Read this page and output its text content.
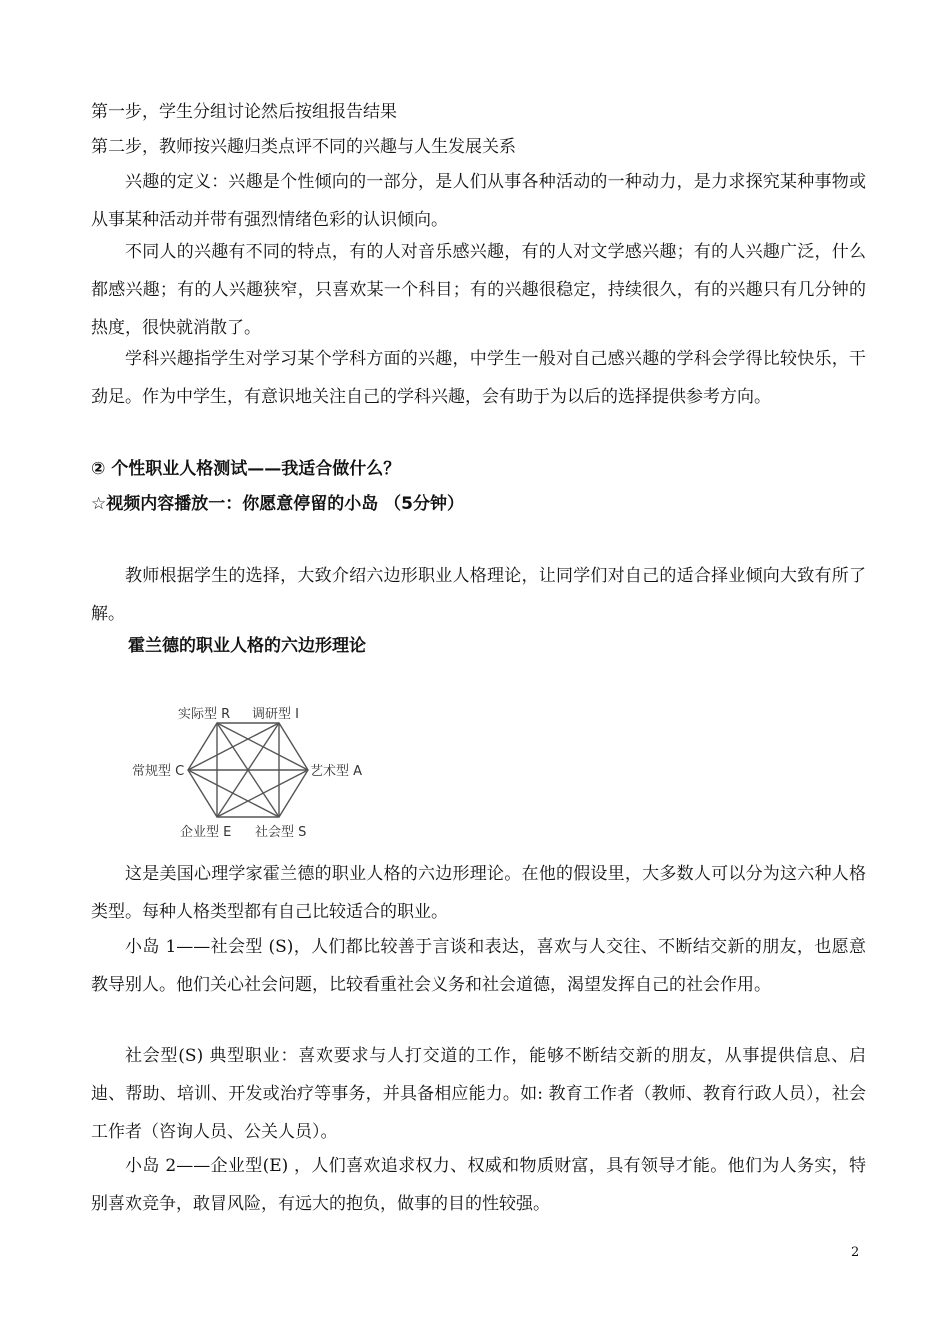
第一步，学生分组讨论然后按组报告结果

第二步，教师按兴趣归类点评不同的兴趣与人生发展关系

兴趣的定义：兴趣是个性倾向的一部分，是人们从事各种活动的一种动力，是力求探究某种事物或从事某种活动并带有强烈情绪色彩的认识倾向。

不同人的兴趣有不同的特点，有的人对音乐感兴趣，有的人对文学感兴趣；有的人兴趣广泛，什么都感兴趣；有的人兴趣狭窄，只喜欢某一个科目；有的兴趣很稳定，持续很久，有的兴趣只有几分钟的热度，很快就消散了。

学科兴趣指学生对学习某个学科方面的兴趣，中学生一般对自己感兴趣的学科会学得比较快乐，干劲足。作为中学生，有意识地关注自己的学科兴趣，会有助于为以后的选择提供参考方向。

② 个性职业人格测试——我适合做什么？

☆视频内容播放一：你愿意停留的小岛 （5分钟）

教师根据学生的选择，大致介绍六边形职业人格理论，让同学们对自己的适合择业倾向大致有所了解。

霍兰德的职业人格的六边形理论

实际型 R 调研型 I
常规型 C	艺术型 A
企业型 E 社会型 S

这是美国心理学家霍兰德的职业人格的六边形理论。在他的假设里，大多数人可以分为这六种人格类型。每种人格类型都有自己比较适合的职业。

小岛 1——社会型 (S)，人们都比较善于言谈和表达，喜欢与人交往、不断结交新的朋友，也愿意教导别人。他们关心社会问题，比较看重社会义务和社会道德，渴望发挥自己的社会作用。

社会型(S) 典型职业：喜欢要求与人打交道的工作，能够不断结交新的朋友，从事提供信息、启迪、帮助、培训、开发或治疗等事务，并具备相应能力。如: 教育工作者（教师、教育行政人员），社会工作者（咨询人员、公关人员）。

小岛 2——企业型(E) ，人们喜欢追求权力、权威和物质财富，具有领导才能。他们为人务实，特别喜欢竞争，敢冒风险，有远大的抱负，做事的目的性较强。

2
